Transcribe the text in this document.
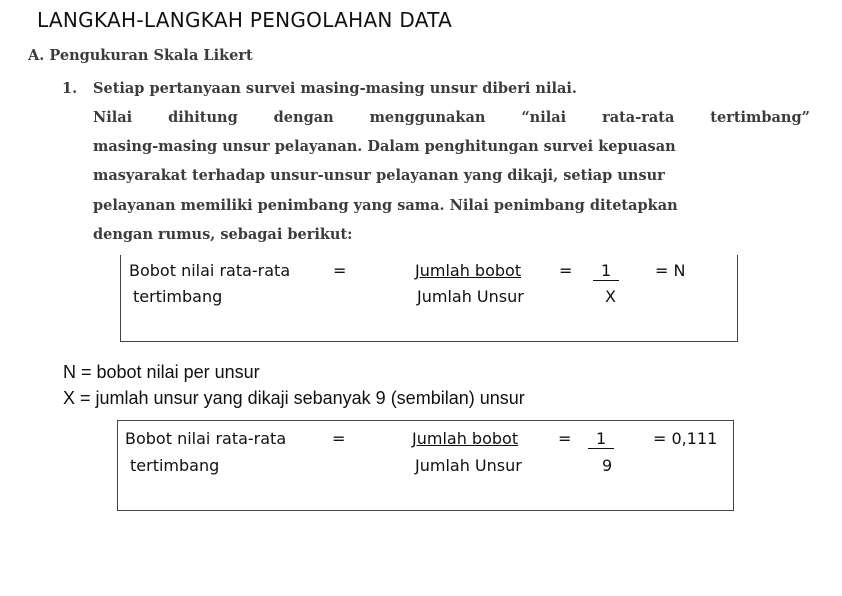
LANGKAH-LANGKAH PENGOLAHAN DATA
A. Pengukuran Skala Likert
1. Setiap pertanyaan survei masing-masing unsur diberi nilai.
Nilai dihitung dengan menggunakan “nilai rata-rata tertimbang”
masing-masing unsur pelayanan. Dalam penghitungan survei kepuasan
masyarakat terhadap unsur-unsur pelayanan yang dikaji, setiap unsur
pelayanan memiliki penimbang yang sama. Nilai penimbang ditetapkan
dengan rumus, sebagai berikut:
Bobot nilai rata-rata
tertimbang
=	Jumlah bobot
Jumlah Unsur
=	1
X
= N
N = bobot nilai per unsur
X = jumlah unsur yang dikaji sebanyak 9 (sembilan) unsur
Bobot nilai rata-rata
tertimbang
=	Jumlah bobot
Jumlah Unsur
=	1
9
= 0,111
